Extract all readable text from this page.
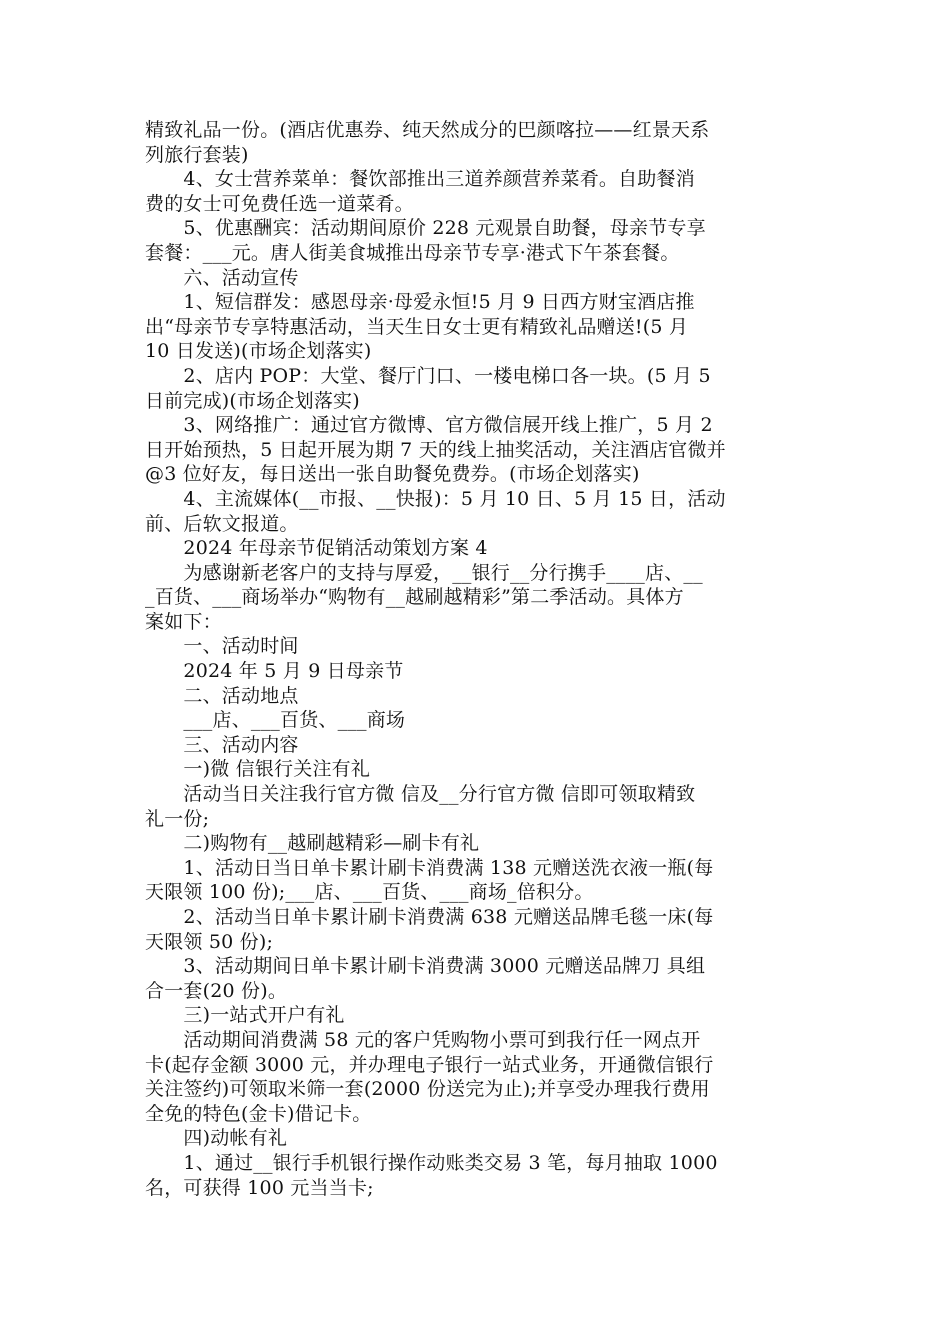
精致礼品一份。(酒店优惠券、纯天然成分的巴颜喀拉——红景天系
列旅行套装)
　　4、女士营养菜单：餐饮部推出三道养颜营养菜肴。自助餐消
费的女士可免费任选一道菜肴。
　　5、优惠酬宾：活动期间原价 228 元观景自助餐，母亲节专享
套餐：___元。唐人街美食城推出母亲节专享·港式下午茶套餐。
　　六、活动宣传
　　1、短信群发：感恩母亲·母爱永恒!5 月 9 日西方财宝酒店推
出“母亲节专享特惠活动，当天生日女士更有精致礼品赠送!(5 月
10 日发送)(市场企划落实)
　　2、店内 POP：大堂、餐厅门口、一楼电梯口各一块。(5 月 5
日前完成)(市场企划落实)
　　3、网络推广：通过官方微博、官方微信展开线上推广，5 月 2
日开始预热，5 日起开展为期 7 天的线上抽奖活动，关注酒店官微并
@3 位好友，每日送出一张自助餐免费券。(市场企划落实)
　　4、主流媒体(__市报、__快报)：5 月 10 日、5 月 15 日，活动
前、后软文报道。
　　2024 年母亲节促销活动策划方案 4
　　为感谢新老客户的支持与厚爱，__银行__分行携手____店、__
_百货、___商场举办“购物有__越刷越精彩”第二季活动。具体方
案如下：
　　一、活动时间
　　2024 年 5 月 9 日母亲节
　　二、活动地点
　　___店、___百货、___商场
　　三、活动内容
　　一)微 信银行关注有礼
　　活动当日关注我行官方微 信及__分行官方微 信即可领取精致
礼一份;
　　二)购物有__越刷越精彩—刷卡有礼
　　1、活动日当日单卡累计刷卡消费满 138 元赠送洗衣液一瓶(每
天限领 100 份);___店、___百货、___商场_倍积分。
　　2、活动当日单卡累计刷卡消费满 638 元赠送品牌毛毯一床(每
天限领 50 份);
　　3、活动期间日单卡累计刷卡消费满 3000 元赠送品牌刀 具组
合一套(20 份)。
　　三)一站式开户有礼
　　活动期间消费满 58 元的客户凭购物小票可到我行任一网点开
卡(起存金额 3000 元，并办理电子银行一站式业务，开通微信银行
关注签约)可领取米筛一套(2000 份送完为止);并享受办理我行费用
全免的特色(金卡)借记卡。
　　四)动帐有礼
　　1、通过__银行手机银行操作动账类交易 3 笔，每月抽取 1000
名，可获得 100 元当当卡;
